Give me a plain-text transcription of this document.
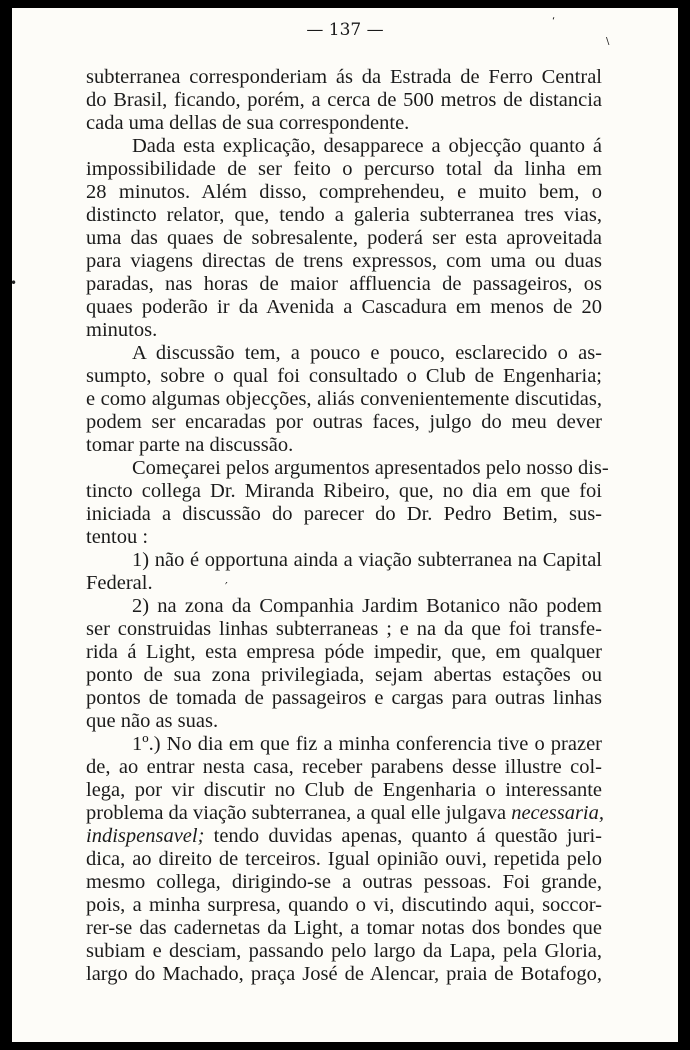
— 137 —
subterranea corresponderiam ás da Estrada de Ferro Central
do Brasil, ficando, porém, a cerca de 500 metros de distancia
cada uma dellas de sua correspondente.
Dada esta explicação, desapparece a objecção quanto á
impossibilidade de ser feito o percurso total da linha em
28 minutos. Além disso, comprehendeu, e muito bem, o
distincto relator, que, tendo a galeria subterranea tres vias,
uma das quaes de sobresalente, poderá ser esta aproveitada
para viagens directas de trens expressos, com uma ou duas
paradas, nas horas de maior affluencia de passageiros, os
quaes poderão ir da Avenida a Cascadura em menos de 20
minutos.
A discussão tem, a pouco e pouco, esclarecido o as-
sumpto, sobre o qual foi consultado o Club de Engenharia;
e como algumas objecções, aliás convenientemente discutidas,
podem ser encaradas por outras faces, julgo do meu dever
tomar parte na discussão.
Começarei pelos argumentos apresentados pelo nosso dis-
tincto collega Dr. Miranda Ribeiro, que, no dia em que foi
iniciada a discussão do parecer do Dr. Pedro Betim, sus-
tentou :
1) não é opportuna ainda a viação subterranea na Capital
Federal.
2) na zona da Companhia Jardim Botanico não podem
ser construidas linhas subterraneas ; e na da que foi transfe-
rida á Light, esta empresa póde impedir, que, em qualquer
ponto de sua zona privilegiada, sejam abertas estações ou
pontos de tomada de passageiros e cargas para outras linhas
que não as suas.
1º.) No dia em que fiz a minha conferencia tive o prazer
de, ao entrar nesta casa, receber parabens desse illustre col-
lega, por vir discutir no Club de Engenharia o interessante
problema da viação subterranea, a qual elle julgava necessaria,
indispensavel; tendo duvidas apenas, quanto á questão juri-
dica, ao direito de terceiros. Igual opinião ouvi, repetida pelo
mesmo collega, dirigindo-se a outras pessoas. Foi grande,
pois, a minha surpresa, quando o vi, discutindo aqui, soccor-
rer-se das cadernetas da Light, a tomar notas dos bondes que
subiam e desciam, passando pelo largo da Lapa, pela Gloria,
largo do Machado, praça José de Alencar, praia de Botafogo,
‘
\
•
′
